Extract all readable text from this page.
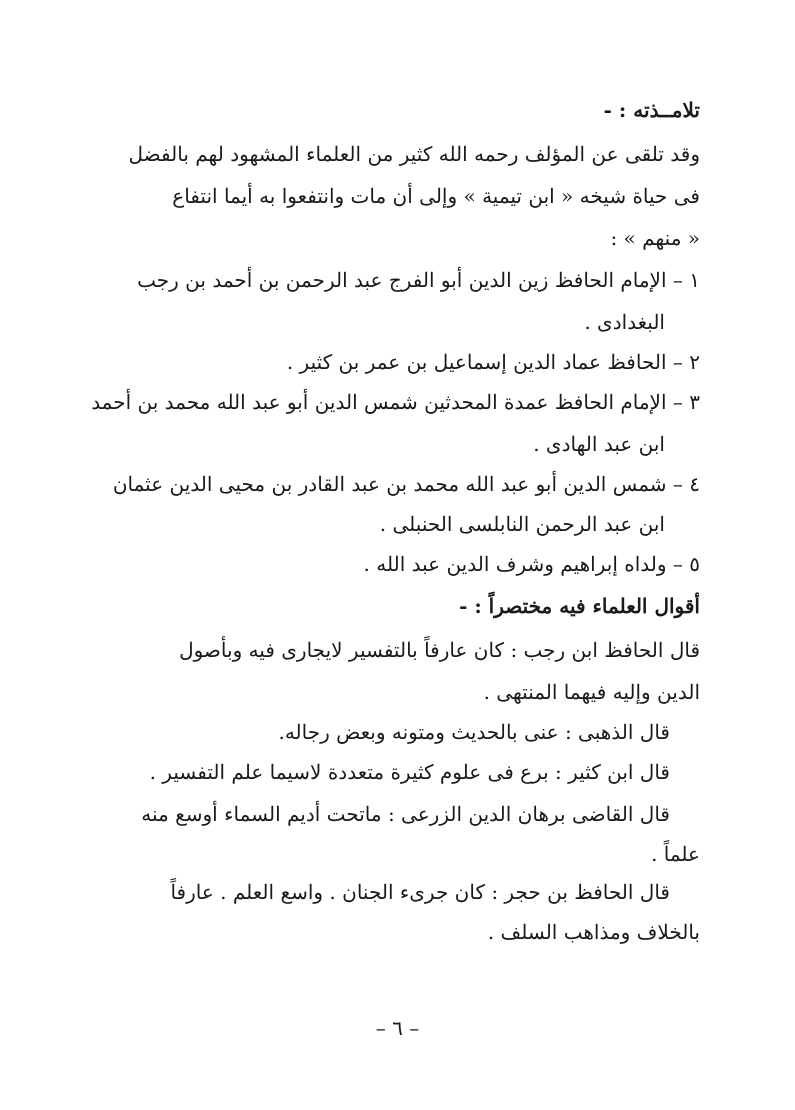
تلامــذته : -
وقد تلقى عن المؤلف رحمه الله كثير من العلماء المشهود لهم بالفضل
فى حياة شيخه « ابن تيمية » وإلى أن مات وانتفعوا به أيما انتفاع
« منهم » :
١ – الإمام الحافظ زين الدين أبو الفرج عبد الرحمن بن أحمد بن رجب
البغدادى .
٢ – الحافظ عماد الدين إسماعيل بن عمر بن كثير .
٣ – الإمام الحافظ عمدة المحدثين شمس الدين أبو عبد الله محمد بن أحمد
ابن عبد الهادى .
٤ – شمس الدين أبو عبد الله محمد بن عبد القادر بن محيى الدين عثمان
ابن عبد الرحمن النابلسى الحنبلى .
٥ – ولداه إبراهيم وشرف الدين عبد الله .
أقوال العلماء فيه مختصراً : -
قال الحافظ ابن رجب : كان عارفاً بالتفسير لايجارى فيه وبأصول
الدين وإليه فيهما المنتهى .
قال الذهبى : عنى بالحديث ومتونه وبعض رجاله.
قال ابن كثير : برع فى علوم كثيرة متعددة لاسيما علم التفسير .
قال القاضى برهان الدين الزرعى : ماتحت أديم السماء أوسع منه
علماً .
قال الحافظ بن حجر : كان جرىء الجنان . واسع العلم . عارفاً
بالخلاف ومذاهب السلف .
– ٦ –
